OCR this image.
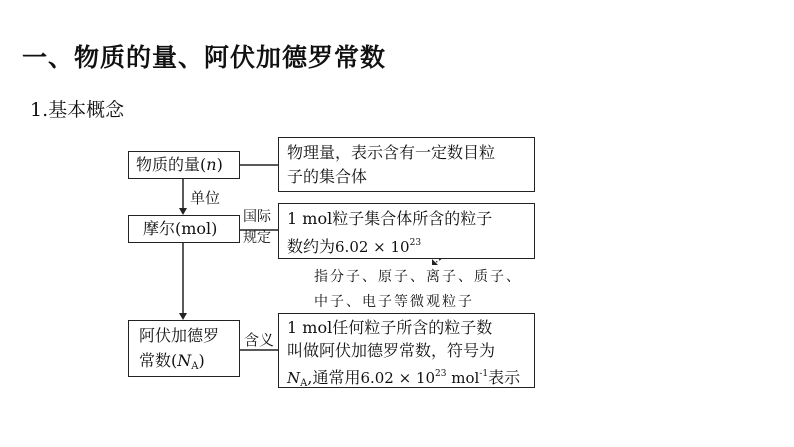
一、物质的量、阿伏加德罗常数
1.基本概念
物质的量(n)
摩尔(mol)
阿伏加德罗
常数$(N_A)$
物理量，表示含有一定数目粒
子的集合体
1 mol粒子集合体所含的粒子
数约为$6.02 \times 10^{23}$
1 mol任何粒子所含的粒子数
叫做阿伏加德罗常数，符号为
$N_A$,通常用$6.02 \times 10^{23}$ mol$^{-1}$表示
单位
国际
规定
含义
指分子、原子、离子、质子、
中子、电子等微观粒子
